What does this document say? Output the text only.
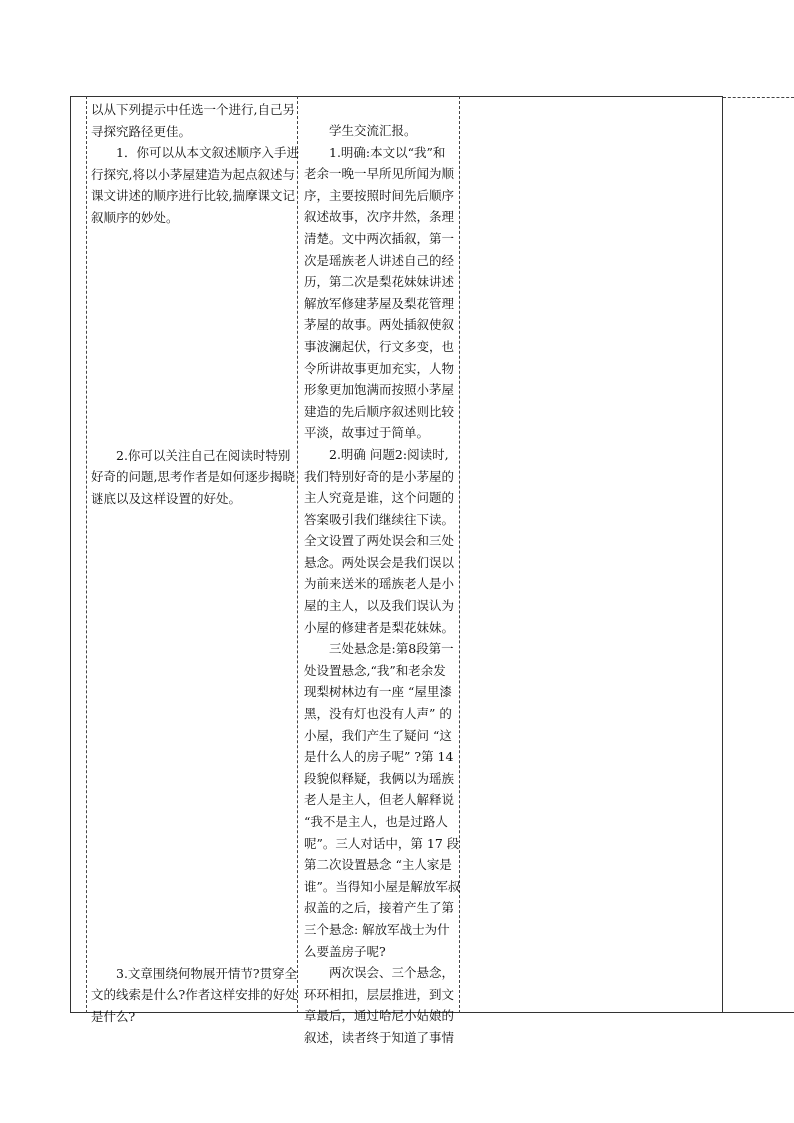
以从下列提示中任选一个进行,自己另
寻探究路径更佳。
　　1．你可以从本文叙述顺序入手进
行探究,将以小茅屋建造为起点叙述与
课文讲述的顺序进行比较,揣摩课文记
叙顺序的妙处。
　　2.你可以关注自己在阅读时特别
好奇的问题,思考作者是如何逐步揭晓
谜底以及这样设置的好处。
　　3.文章围绕何物展开情节?贯穿全
文的线索是什么?作者这样安排的好处
是什么?
　　学生交流汇报。
　　1.明确:本文以“我”和
老余一晚一早所见所闻为顺
序，主要按照时间先后顺序
叙述故事，次序井然，条理
清楚。文中两次插叙，第一
次是瑶族老人讲述自己的经
历，第二次是梨花妹妹讲述
解放军修建茅屋及梨花管理
茅屋的故事。两处插叙使叙
事波澜起伏，行文多变，也
令所讲故事更加充实，人物
形象更加饱满而按照小茅屋
建造的先后顺序叙述则比较
平淡，故事过于简单。
　　2.明确 问题2:阅读时,
我们特别好奇的是小茅屋的
主人究竟是谁，这个问题的
答案吸引我们继续往下读。
全文设置了两处误会和三处
悬念。两处误会是我们误以
为前来送米的瑶族老人是小
屋的主人，以及我们误认为
小屋的修建者是梨花妹妹。
　　三处悬念是:第8段第一
处设置悬念,“我”和老余发
现梨树林边有一座 “屋里漆
黑，没有灯也没有人声” 的
小屋，我们产生了疑问 “这
是什么人的房子呢” ?第 14
段貌似释疑，我俩以为瑶族
老人是主人，但老人解释说
“我不是主人，也是过路人
呢”。三人对话中，第 17 段
第二次设置悬念 “主人家是
谁”。当得知小屋是解放军叔
叔盖的之后，接着产生了第
三个悬念: 解放军战士为什
么要盖房子呢?
　　两次误会、三个悬念，
环环相扣，层层推进，到文
章最后，通过哈尼小姑娘的
叙述，读者终于知道了事情
